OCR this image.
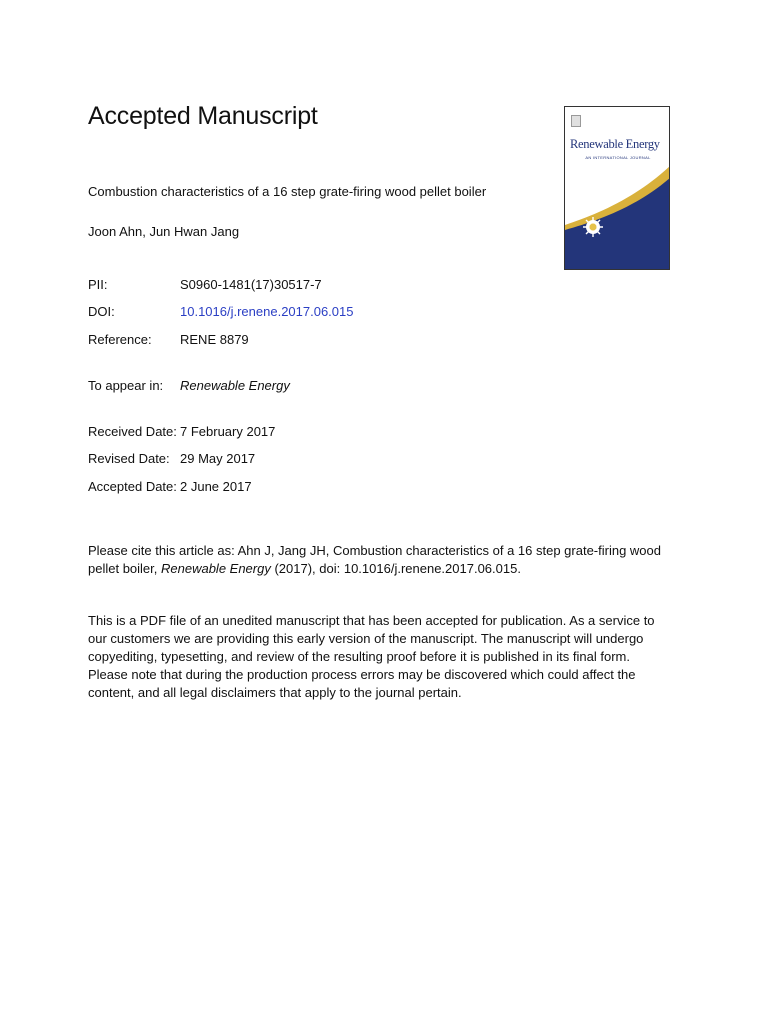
Accepted Manuscript
Renewable Energy
AN INTERNATIONAL JOURNAL
Combustion characteristics of a 16 step grate-firing wood pellet boiler
Joon Ahn, Jun Hwan Jang
PII:	S0960-1481(17)30517-7
DOI:	10.1016/j.renene.2017.06.015
Reference: RENE 8879
To appear in: Renewable Energy
Received Date: 7 February 2017
Revised Date: 29 May 2017
Accepted Date: 2 June 2017
Please cite this article as: Ahn J, Jang JH, Combustion characteristics of a 16 step grate-firing wood pellet boiler, Renewable Energy (2017), doi: 10.1016/j.renene.2017.06.015.
This is a PDF file of an unedited manuscript that has been accepted for publication. As a service to our customers we are providing this early version of the manuscript. The manuscript will undergo copyediting, typesetting, and review of the resulting proof before it is published in its final form. Please note that during the production process errors may be discovered which could affect the content, and all legal disclaimers that apply to the journal pertain.
